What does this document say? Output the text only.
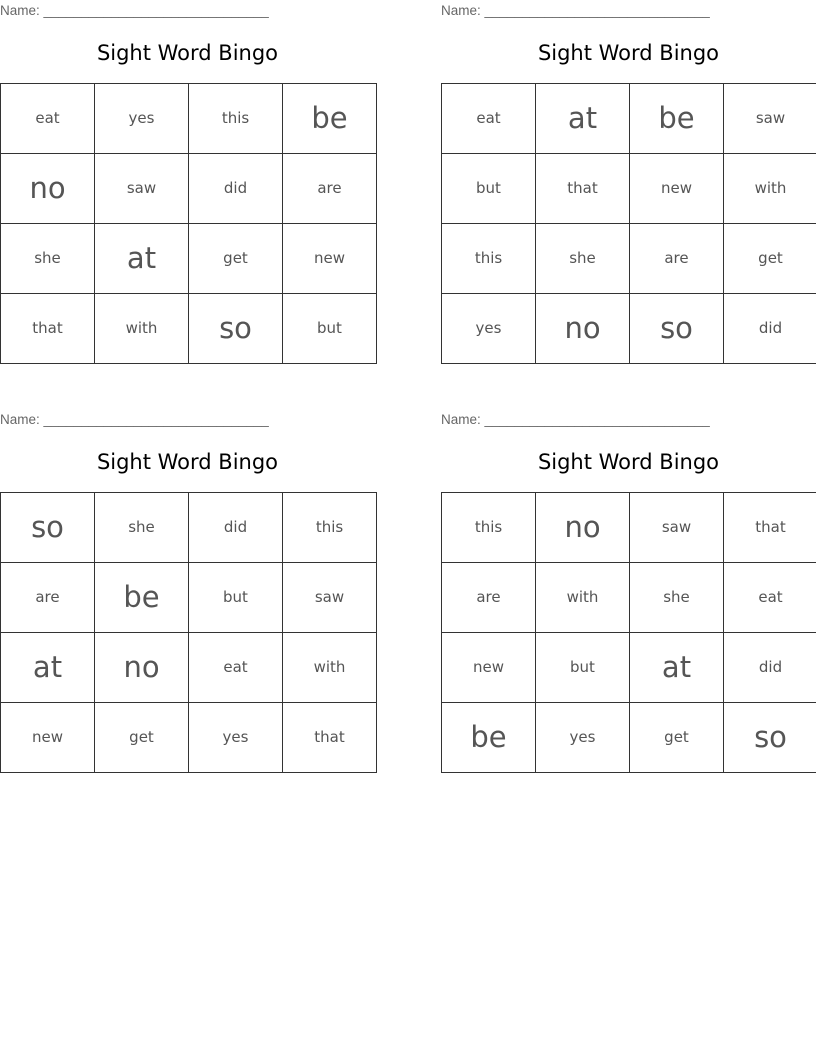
Name: ______________________________
Sight Word Bingo
eat	yes	this	be
no	saw	did	are
she	at	get	new
that	with	so	but
Name: ______________________________
Sight Word Bingo
eat	at	be	saw
but	that	new	with
this	she	are	get
yes	no	so	did
Name: ______________________________
Sight Word Bingo
so	she	did	this
are	be	but	saw
at	no	eat	with
new	get	yes	that
Name: ______________________________
Sight Word Bingo
this	no	saw	that
are	with	she	eat
new	but	at	did
be	yes	get	so
